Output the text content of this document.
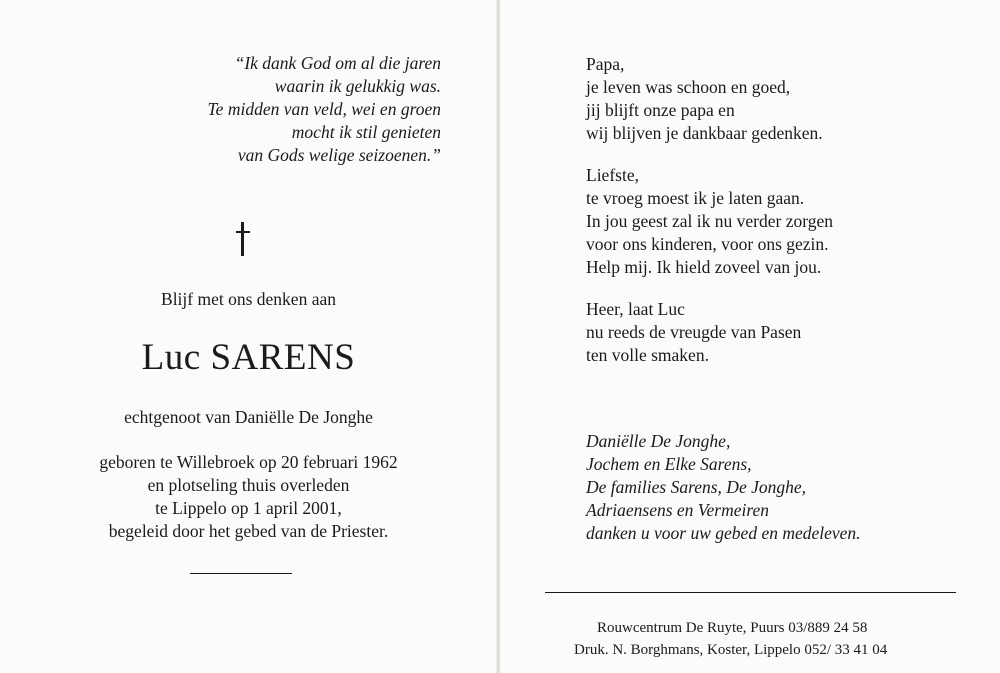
“Ik dank God om al die jaren
waarin ik gelukkig was.
Te midden van veld, wei en groen
mocht ik stil genieten
van Gods welige seizoenen.”
Blijf met ons denken aan
Luc SARENS
echtgenoot van Daniëlle De Jonghe
geboren te Willebroek op 20 februari 1962
en plotseling thuis overleden
te Lippelo op 1 april 2001,
begeleid door het gebed van de Priester.
Papa,
je leven was schoon en goed,
jij blijft onze papa en
wij blijven je dankbaar gedenken.
Liefste,
te vroeg moest ik je laten gaan.
In jou geest zal ik nu verder zorgen
voor ons kinderen, voor ons gezin.
Help mij. Ik hield zoveel van jou.
Heer, laat Luc
nu reeds de vreugde van Pasen
ten volle smaken.
Daniëlle De Jonghe,
Jochem en Elke Sarens,
De families Sarens, De Jonghe,
Adriaensens en Vermeiren
danken u voor uw gebed en medeleven.
Rouwcentrum De Ruyte, Puurs 03/889 24 58
Druk. N. Borghmans, Koster, Lippelo 052/ 33 41 04
